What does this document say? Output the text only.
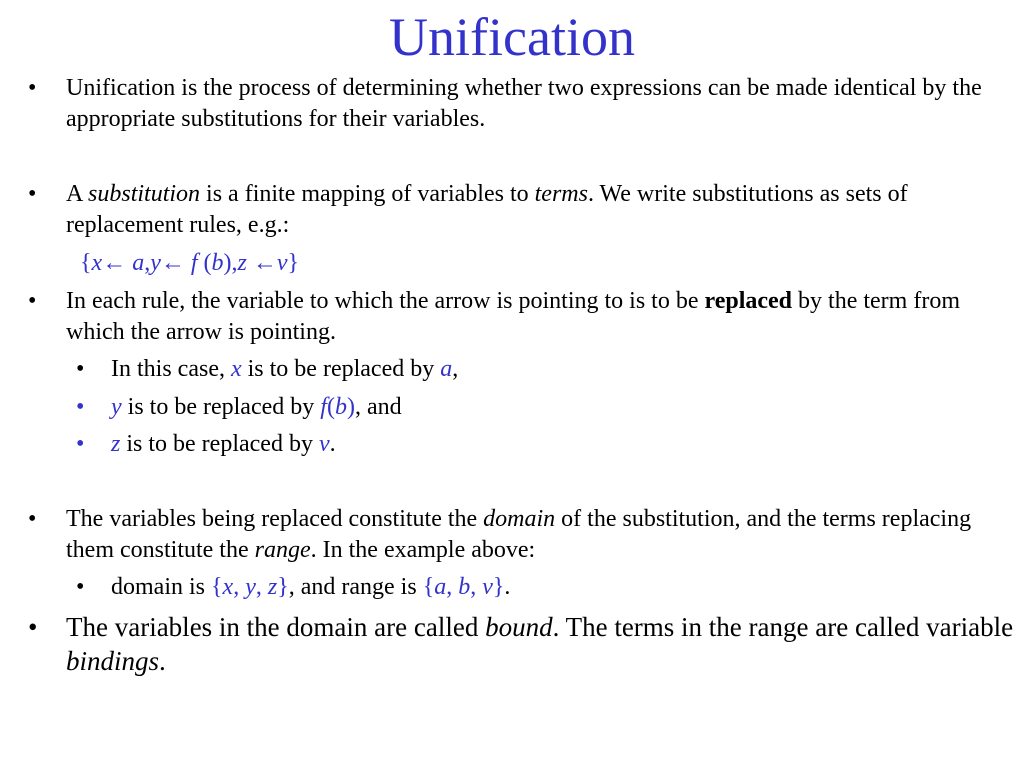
Unification
•	Unification is the process of determining whether two expressions can be made identical by the appropriate substitutions for their variables.
•	A substitution is a finite mapping of variables to terms. We write substitutions as sets of replacement rules, e.g.:
{x← a,y← f (b),z ←v}
•	In each rule, the variable to which the arrow is pointing to is to be replaced by the term from which the arrow is pointing.
•	In this case, x is to be replaced by a,
•	y is to be replaced by f(b), and
•	z is to be replaced by v.
•	The variables being replaced constitute the domain of the substitution, and the terms replacing them constitute the range. In the example above:
•	domain is {x, y, z}, and range is {a, b, v}.
•	The variables in the domain are called bound. The terms in the range are called variable bindings.
